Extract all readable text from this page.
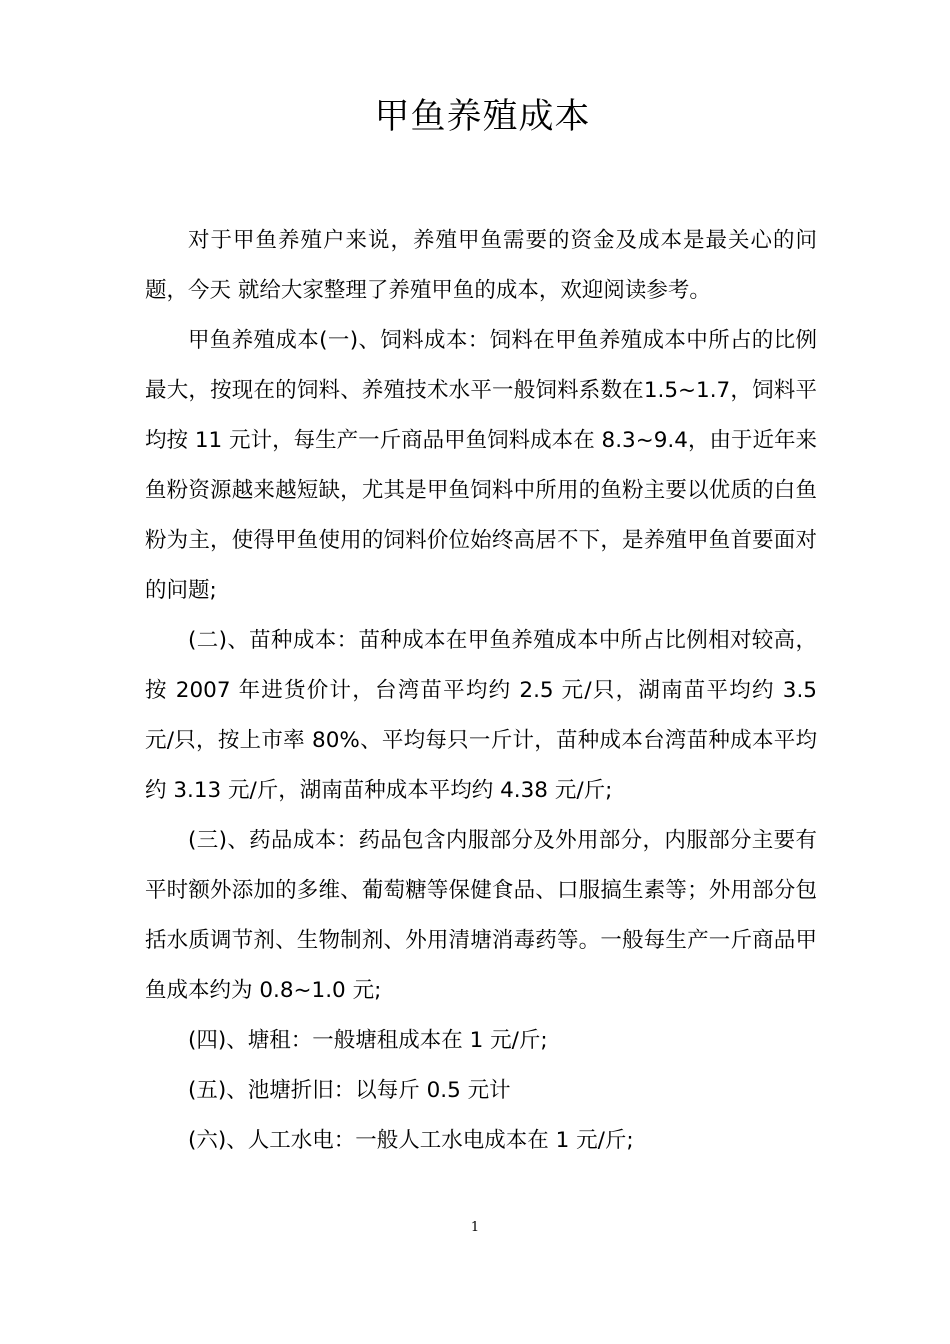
甲鱼养殖成本

对于甲鱼养殖户来说，养殖甲鱼需要的资金及成本是最关心的问题，今天 就给大家整理了养殖甲鱼的成本，欢迎阅读参考。

甲鱼养殖成本(一)、饲料成本：饲料在甲鱼养殖成本中所占的比例最大，按现在的饲料、养殖技术水平一般饲料系数在1.5~1.7，饲料平均按 11 元计，每生产一斤商品甲鱼饲料成本在 8.3~9.4，由于近年来鱼粉资源越来越短缺，尤其是甲鱼饲料中所用的鱼粉主要以优质的白鱼粉为主，使得甲鱼使用的饲料价位始终高居不下，是养殖甲鱼首要面对的问题;

(二)、苗种成本：苗种成本在甲鱼养殖成本中所占比例相对较高，按 2007 年进货价计，台湾苗平均约 2.5 元/只，湖南苗平均约 3.5 元/只，按上市率 80%、平均每只一斤计，苗种成本台湾苗种成本平均约 3.13 元/斤，湖南苗种成本平均约 4.38 元/斤;

(三)、药品成本：药品包含内服部分及外用部分，内服部分主要有平时额外添加的多维、葡萄糖等保健食品、口服搞生素等；外用部分包括水质调节剂、生物制剂、外用清塘消毒药等。一般每生产一斤商品甲鱼成本约为 0.8~1.0 元;

(四)、塘租：一般塘租成本在 1 元/斤;

(五)、池塘折旧：以每斤 0.5 元计

(六)、人工水电：一般人工水电成本在 1 元/斤;

1
